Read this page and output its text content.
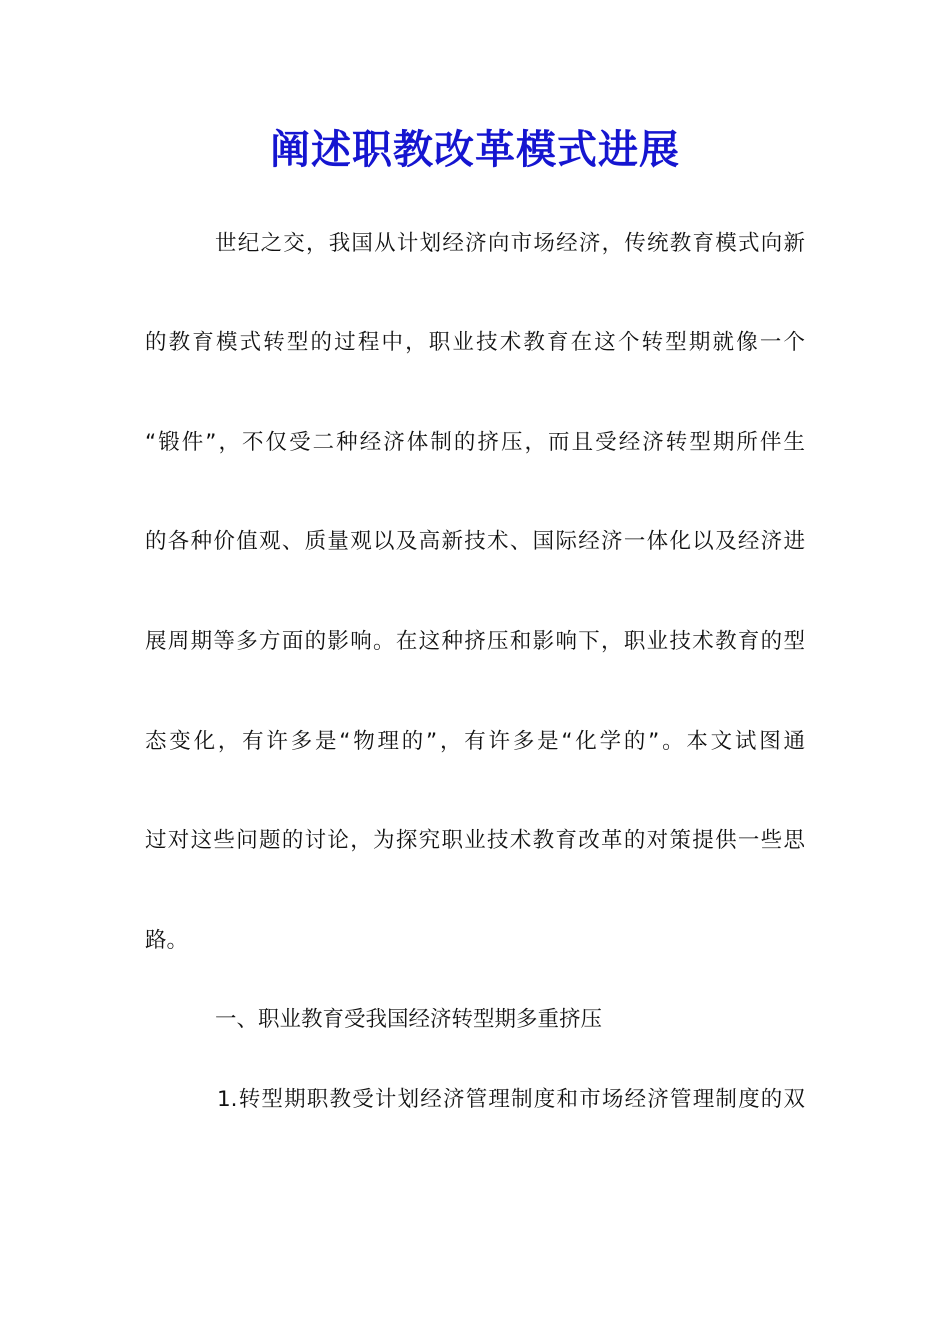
阐述职教改革模式进展
世纪之交，我国从计划经济向市场经济，传统教育模式向新
的教育模式转型的过程中，职业技术教育在这个转型期就像一个
“锻件”，不仅受二种经济体制的挤压，而且受经济转型期所伴生
的各种价值观、质量观以及高新技术、国际经济一体化以及经济进
展周期等多方面的影响。在这种挤压和影响下，职业技术教育的型
态变化，有许多是“物理的”，有许多是“化学的”。本文试图通
过对这些问题的讨论，为探究职业技术教育改革的对策提供一些思
路。
一、职业教育受我国经济转型期多重挤压
1.转型期职教受计划经济管理制度和市场经济管理制度的双
